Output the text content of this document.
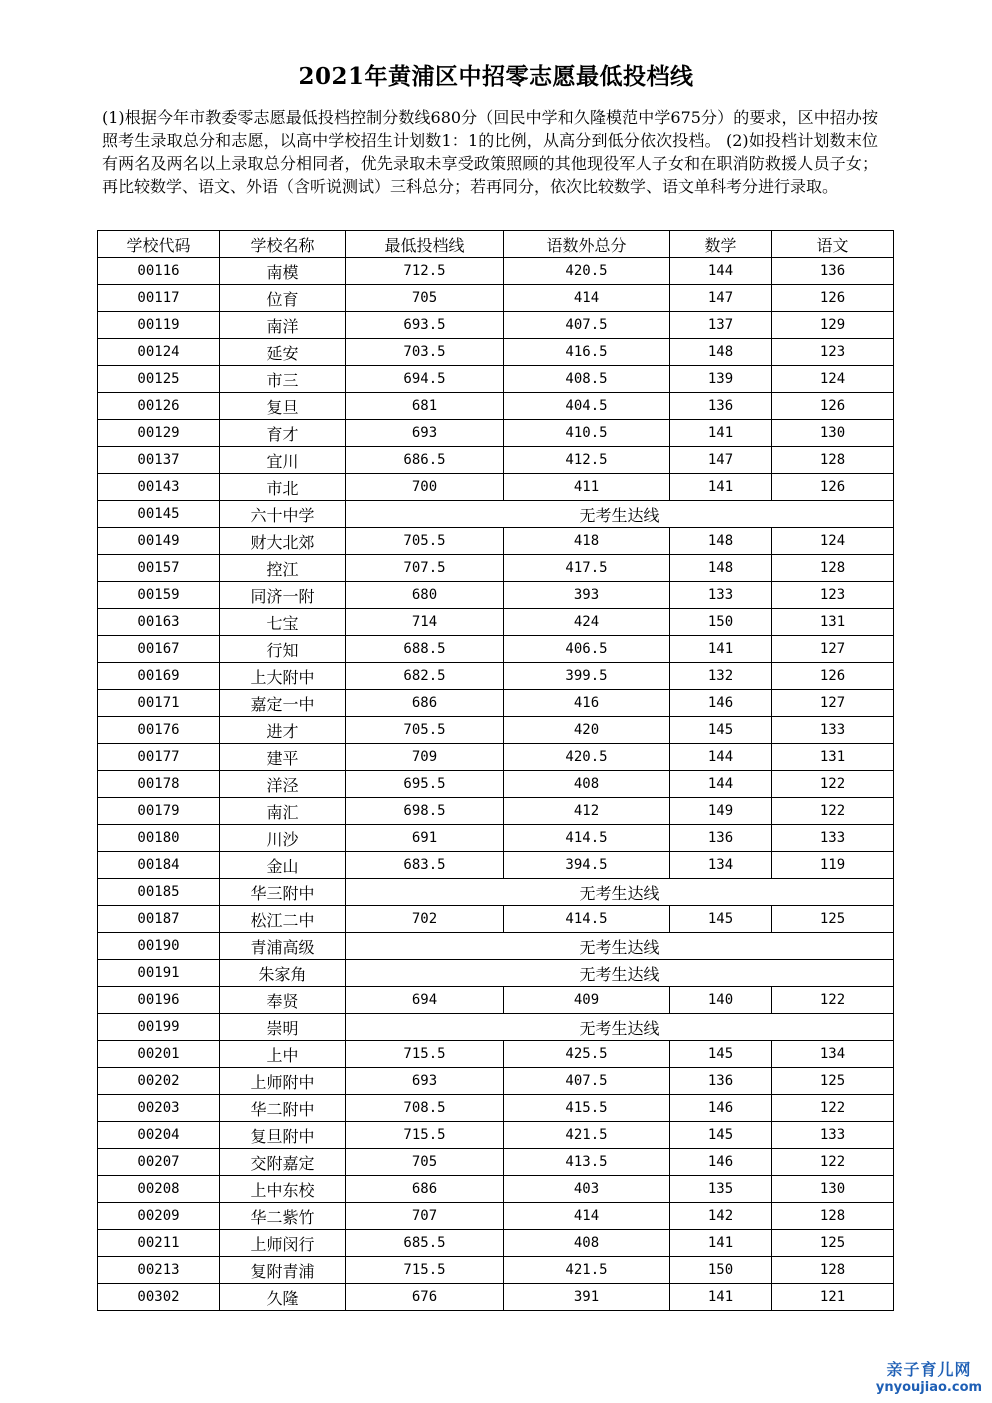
2021年黄浦区中招零志愿最低投档线
(1)根据今年市教委零志愿最低投档控制分数线680分（回民中学和久隆模范中学675分）的要求，区中招办按照考生录取总分和志愿，以高中学校招生计划数1：1的比例，从高分到低分依次投档。 (2)如投档计划数末位有两名及两名以上录取总分相同者，优先录取未享受政策照顾的其他现役军人子女和在职消防救援人员子女；再比较数学、语文、外语（含听说测试）三科总分；若再同分，依次比较数学、语文单科考分进行录取。
学校代码	学校名称	最低投档线	语数外总分	数学	语文
00116	南模	712.5	420.5	144	136
00117	位育	705	414	147	126
00119	南洋	693.5	407.5	137	129
00124	延安	703.5	416.5	148	123
00125	市三	694.5	408.5	139	124
00126	复旦	681	404.5	136	126
00129	育才	693	410.5	141	130
00137	宜川	686.5	412.5	147	128
00143	市北	700	411	141	126
00145	六十中学	无考生达线			
00149	财大北郊	705.5	418	148	124
00157	控江	707.5	417.5	148	128
00159	同济一附	680	393	133	123
00163	七宝	714	424	150	131
00167	行知	688.5	406.5	141	127
00169	上大附中	682.5	399.5	132	126
00171	嘉定一中	686	416	146	127
00176	进才	705.5	420	145	133
00177	建平	709	420.5	144	131
00178	洋泾	695.5	408	144	122
00179	南汇	698.5	412	149	122
00180	川沙	691	414.5	136	133
00184	金山	683.5	394.5	134	119
00185	华三附中	无考生达线			
00187	松江二中	702	414.5	145	125
00190	青浦高级	无考生达线			
00191	朱家角	无考生达线			
00196	奉贤	694	409	140	122
00199	崇明	无考生达线			
00201	上中	715.5	425.5	145	134
00202	上师附中	693	407.5	136	125
00203	华二附中	708.5	415.5	146	122
00204	复旦附中	715.5	421.5	145	133
00207	交附嘉定	705	413.5	146	122
00208	上中东校	686	403	135	130
00209	华二紫竹	707	414	142	128
00211	上师闵行	685.5	408	141	125
00213	复附青浦	715.5	421.5	150	128
00302	久隆	676	391	141	121
亲子育儿网
ynyoujiao.com
